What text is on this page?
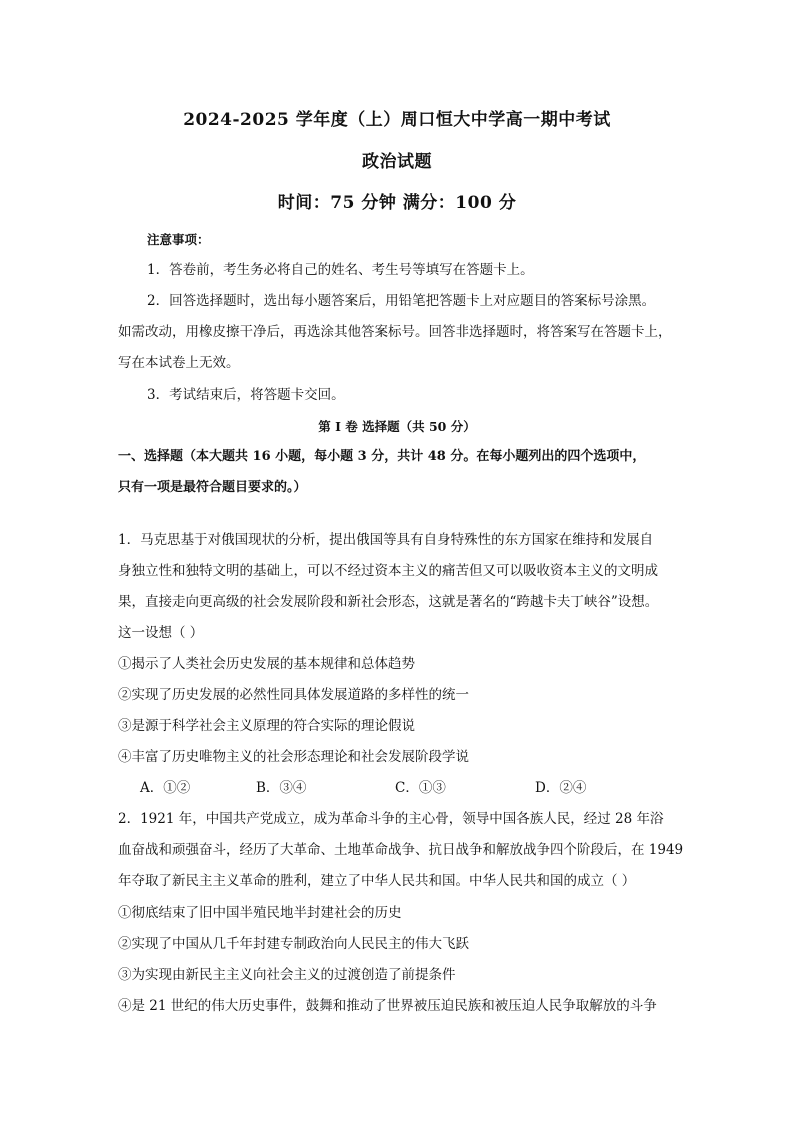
2024-2025 学年度（上）周口恒大中学高一期中考试
政治试题
时间：75 分钟 满分：100 分
注意事项：
1．答卷前，考生务必将自己的姓名、考生号等填写在答题卡上。
2．回答选择题时，选出每小题答案后，用铅笔把答题卡上对应题目的答案标号涂黑。
如需改动，用橡皮擦干净后，再选涂其他答案标号。回答非选择题时，将答案写在答题卡上，
写在本试卷上无效。
3．考试结束后，将答题卡交回。
第 I 卷 选择题（共 50 分）
一、选择题（本大题共 16 小题，每小题 3 分，共计 48 分。在每小题列出的四个选项中，
只有一项是最符合题目要求的。）
1．马克思基于对俄国现状的分析，提出俄国等具有自身特殊性的东方国家在维持和发展自
身独立性和独特文明的基础上，可以不经过资本主义的痛苦但又可以吸收资本主义的文明成
果，直接走向更高级的社会发展阶段和新社会形态，这就是著名的“跨越卡夫丁峡谷”设想。
这一设想（ ）
①揭示了人类社会历史发展的基本规律和总体趋势
②实现了历史发展的必然性同具体发展道路的多样性的统一
③是源于科学社会主义原理的符合实际的理论假说
④丰富了历史唯物主义的社会形态理论和社会发展阶段学说
A．①②	B．③④	C．①③	D．②④
2．1921 年，中国共产党成立，成为革命斗争的主心骨，领导中国各族人民，经过 28 年浴
血奋战和顽强奋斗，经历了大革命、土地革命战争、抗日战争和解放战争四个阶段后，在 1949
年夺取了新民主主义革命的胜利，建立了中华人民共和国。中华人民共和国的成立（ ）
①彻底结束了旧中国半殖民地半封建社会的历史
②实现了中国从几千年封建专制政治向人民民主的伟大飞跃
③为实现由新民主主义向社会主义的过渡创造了前提条件
④是 21 世纪的伟大历史事件，鼓舞和推动了世界被压迫民族和被压迫人民争取解放的斗争
